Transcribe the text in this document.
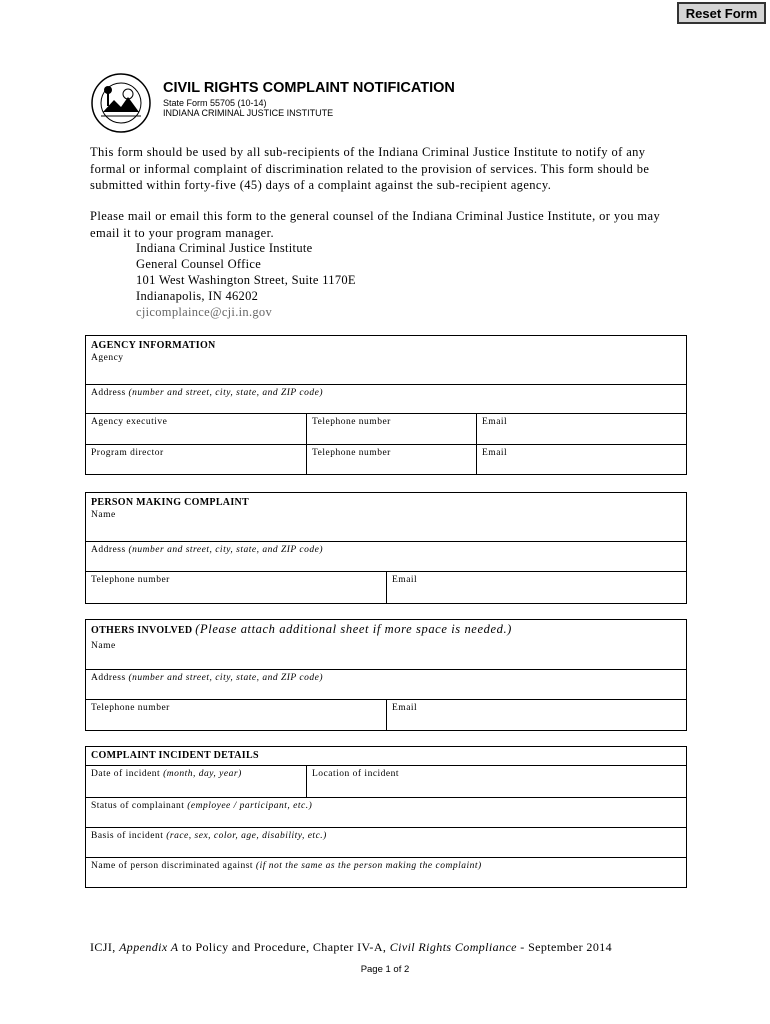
Reset Form
CIVIL RIGHTS COMPLAINT NOTIFICATION
State Form 55705 (10-14)
INDIANA CRIMINAL JUSTICE INSTITUTE
This form should be used by all sub-recipients of the Indiana Criminal Justice Institute to notify of any formal or informal complaint of discrimination related to the provision of services. This form should be submitted within forty-five (45) days of a complaint against the sub-recipient agency.
Please mail or email this form to the general counsel of the Indiana Criminal Justice Institute, or you may email it to your program manager.
Indiana Criminal Justice Institute
General Counsel Office
101 West Washington Street, Suite 1170E
Indianapolis, IN 46202
cjicomplaince@cji.in.gov
AGENCY INFORMATION
Agency
Address (number and street, city, state, and ZIP code)
Agency executive	Telephone number	Email
Program director	Telephone number	Email
PERSON MAKING COMPLAINT
Name
Address (number and street, city, state, and ZIP code)
Telephone number	Email
OTHERS INVOLVED (Please attach additional sheet if more space is needed.)
Name
Address (number and street, city, state, and ZIP code)
Telephone number	Email
COMPLAINT INCIDENT DETAILS
Date of incident (month, day, year)	Location of incident
Status of complainant (employee / participant, etc.)
Basis of incident (race, sex, color, age, disability, etc.)
Name of person discriminated against (if not the same as the person making the complaint)
ICJI, Appendix A to Policy and Procedure, Chapter IV-A, Civil Rights Compliance - September 2014
Page 1 of 2
